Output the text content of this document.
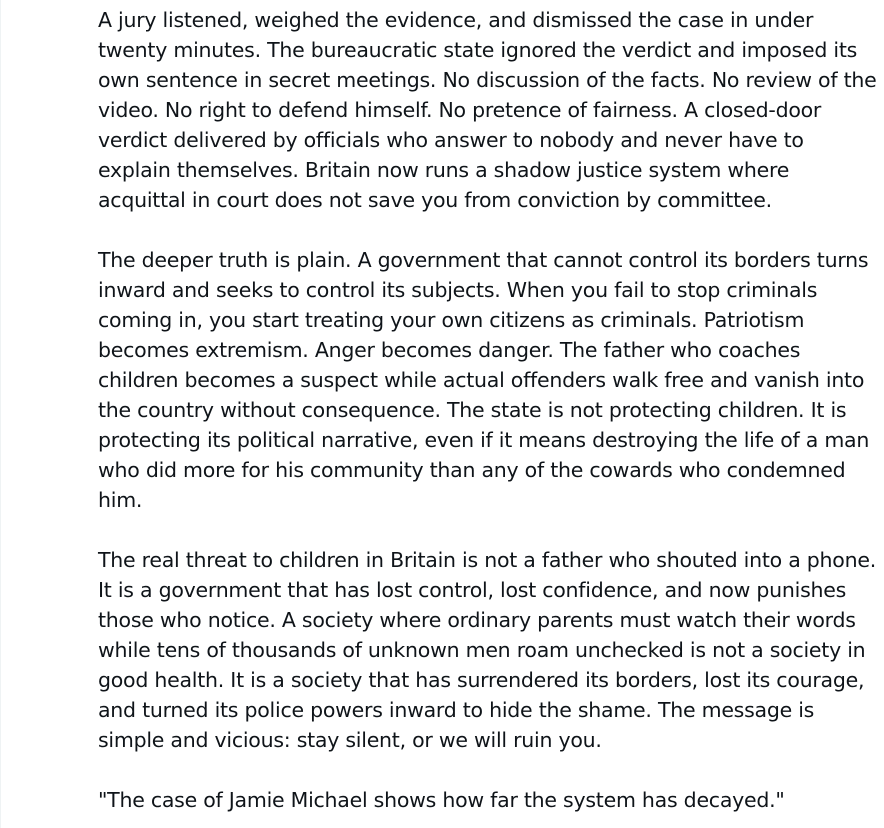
A jury listened, weighed the evidence, and dismissed the case in under twenty minutes. The bureaucratic state ignored the verdict and imposed its own sentence in secret meetings. No discussion of the facts. No review of the video. No right to defend himself. No pretence of fairness. A closed-door verdict delivered by officials who answer to nobody and never have to explain themselves. Britain now runs a shadow justice system where acquittal in court does not save you from conviction by committee.

The deeper truth is plain. A government that cannot control its borders turns inward and seeks to control its subjects. When you fail to stop criminals coming in, you start treating your own citizens as criminals. Patriotism becomes extremism. Anger becomes danger. The father who coaches children becomes a suspect while actual offenders walk free and vanish into the country without consequence. The state is not protecting children. It is protecting its political narrative, even if it means destroying the life of a man who did more for his community than any of the cowards who condemned him.

The real threat to children in Britain is not a father who shouted into a phone. It is a government that has lost control, lost confidence, and now punishes those who notice. A society where ordinary parents must watch their words while tens of thousands of unknown men roam unchecked is not a society in good health. It is a society that has surrendered its borders, lost its courage, and turned its police powers inward to hide the shame. The message is simple and vicious: stay silent, or we will ruin you.

"The case of Jamie Michael shows how far the system has decayed."
